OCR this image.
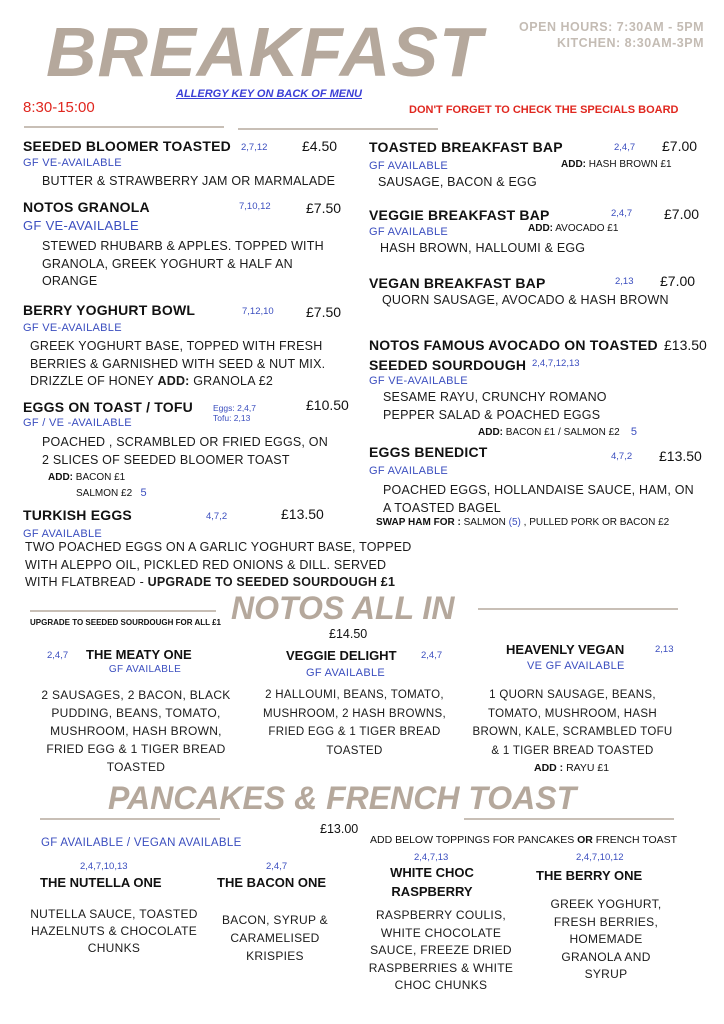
BREAKFAST	OPEN HOURS: 7:30AM - 5PM
KITCHEN: 8:30AM-3PM
8:30-15:00
ALLERGY KEY ON BACK OF MENU
DON'T FORGET TO CHECK THE SPECIALS BOARD
SEEDED BLOOMER TOASTED 2,7,12 £4.50
GF VE-AVAILABLE
BUTTER & STRAWBERRY JAM OR MARMALADE
NOTOS GRANOLA	7,10,12	£7.50
GF VE-AVAILABLE
STEWED RHUBARB & APPLES. TOPPED WITH GRANOLA, GREEK YOGHURT & HALF AN ORANGE
BERRY YOGHURT BOWL	7,12,10 £7.50
GF VE-AVAILABLE
GREEK YOGHURT BASE, TOPPED WITH FRESH BERRIES & GARNISHED WITH SEED & NUT MIX. DRIZZLE OF HONEY ADD: GRANOLA £2
EGGS ON TOAST / TOFU Eggs: 2,4,7
Tofu: 2,13
£10.50
GF / VE -AVAILABLE
POACHED , SCRAMBLED OR FRIED EGGS, ON 2 SLICES OF SEEDED BLOOMER TOAST
ADD: BACON £1
SALMON £2 5
TURKISH EGGS	4,7,2	£13.50
GF AVAILABLE
TWO POACHED EGGS ON A GARLIC YOGHURT BASE, TOPPED WITH ALEPPO OIL, PICKLED RED ONIONS & DILL. SERVED WITH FLATBREAD - UPGRADE TO SEEDED SOURDOUGH £1
TOASTED BREAKFAST BAP	2,4,7 £7.00
GF AVAILABLE	ADD: HASH BROWN £1
SAUSAGE, BACON & EGG
VEGGIE BREAKFAST BAP	2,4,7 £7.00
GF AVAILABLE	ADD: AVOCADO £1
HASH BROWN, HALLOUMI & EGG
VEGAN BREAKFAST BAP	2,13 £7.00
QUORN SAUSAGE, AVOCADO & HASH BROWN
NOTOS FAMOUS AVOCADO ON TOASTED £13.50
SEEDED SOURDOUGH 2,4,7,12,13
GF VE-AVAILABLE
SESAME RAYU, CRUNCHY ROMANO PEPPER SALAD & POACHED EGGS
ADD: BACON £1 / SALMON £2 5
EGGS BENEDICT	4,7,2 £13.50
GF AVAILABLE
POACHED EGGS, HOLLANDAISE SAUCE, HAM, ON A TOASTED BAGEL
SWAP HAM FOR : SALMON (5) , PULLED PORK OR BACON £2
NOTOS ALL IN
UPGRADE TO SEEDED SOURDOUGH FOR ALL £1
£14.50
2,4,7 THE MEATY ONE
GF AVAILABLE
2 SAUSAGES, 2 BACON, BLACK PUDDING, BEANS, TOMATO, MUSHROOM, HASH BROWN, FRIED EGG & 1 TIGER BREAD TOASTED
VEGGIE DELIGHT	2,4,7
GF AVAILABLE
2 HALLOUMI, BEANS, TOMATO, MUSHROOM, 2 HASH BROWNS, FRIED EGG & 1 TIGER BREAD TOASTED
HEAVENLY VEGAN	2,13
VE GF AVAILABLE
1 QUORN SAUSAGE, BEANS, TOMATO, MUSHROOM, HASH BROWN, KALE, SCRAMBLED TOFU & 1 TIGER BREAD TOASTED
ADD : RAYU £1
PANCAKES & FRENCH TOAST
£13.00
GF AVAILABLE / VEGAN AVAILABLE	ADD BELOW TOPPINGS FOR PANCAKES OR FRENCH TOAST
2,4,7,10,13
THE NUTELLA ONE
NUTELLA SAUCE, TOASTED HAZELNUTS & CHOCOLATE CHUNKS
2,4,7
THE BACON ONE
BACON, SYRUP & CARAMELISED KRISPIES
2,4,7,13
WHITE CHOC
RASPBERRY
RASPBERRY COULIS, WHITE CHOCOLATE SAUCE, FREEZE DRIED RASPBERRIES & WHITE CHOC CHUNKS
2,4,7,10,12
THE BERRY ONE
GREEK YOGHURT, FRESH BERRIES, HOMEMADE GRANOLA AND SYRUP
